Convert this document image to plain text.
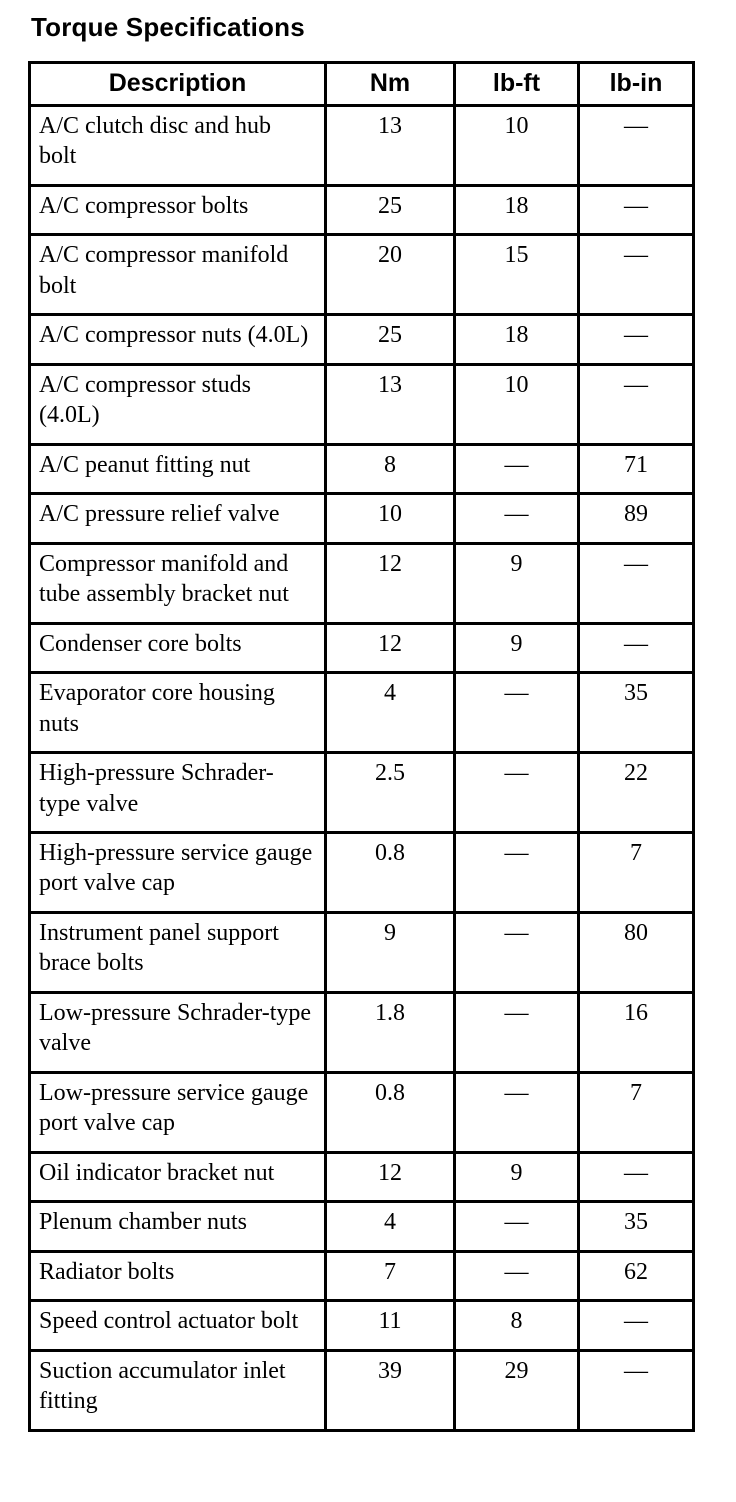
Torque Specifications
Description	Nm	lb-ft	lb-in
A/C clutch disc and hub bolt	13	10	—
A/C compressor bolts	25	18	—
A/C compressor manifold bolt	20	15	—
A/C compressor nuts (4.0L)	25	18	—
A/C compressor studs (4.0L)	13	10	—
A/C peanut fitting nut	8	—	71
A/C pressure relief valve	10	—	89
Compressor manifold and tube assembly bracket nut	12	9	—
Condenser core bolts	12	9	—
Evaporator core housing nuts	4	—	35
High-pressure Schrader-type valve	2.5	—	22
High-pressure service gauge port valve cap	0.8	—	7
Instrument panel support brace bolts	9	—	80
Low-pressure Schrader-type valve	1.8	—	16
Low-pressure service gauge port valve cap	0.8	—	7
Oil indicator bracket nut	12	9	—
Plenum chamber nuts	4	—	35
Radiator bolts	7	—	62
Speed control actuator bolt	11	8	—
Suction accumulator inlet fitting	39	29	—
